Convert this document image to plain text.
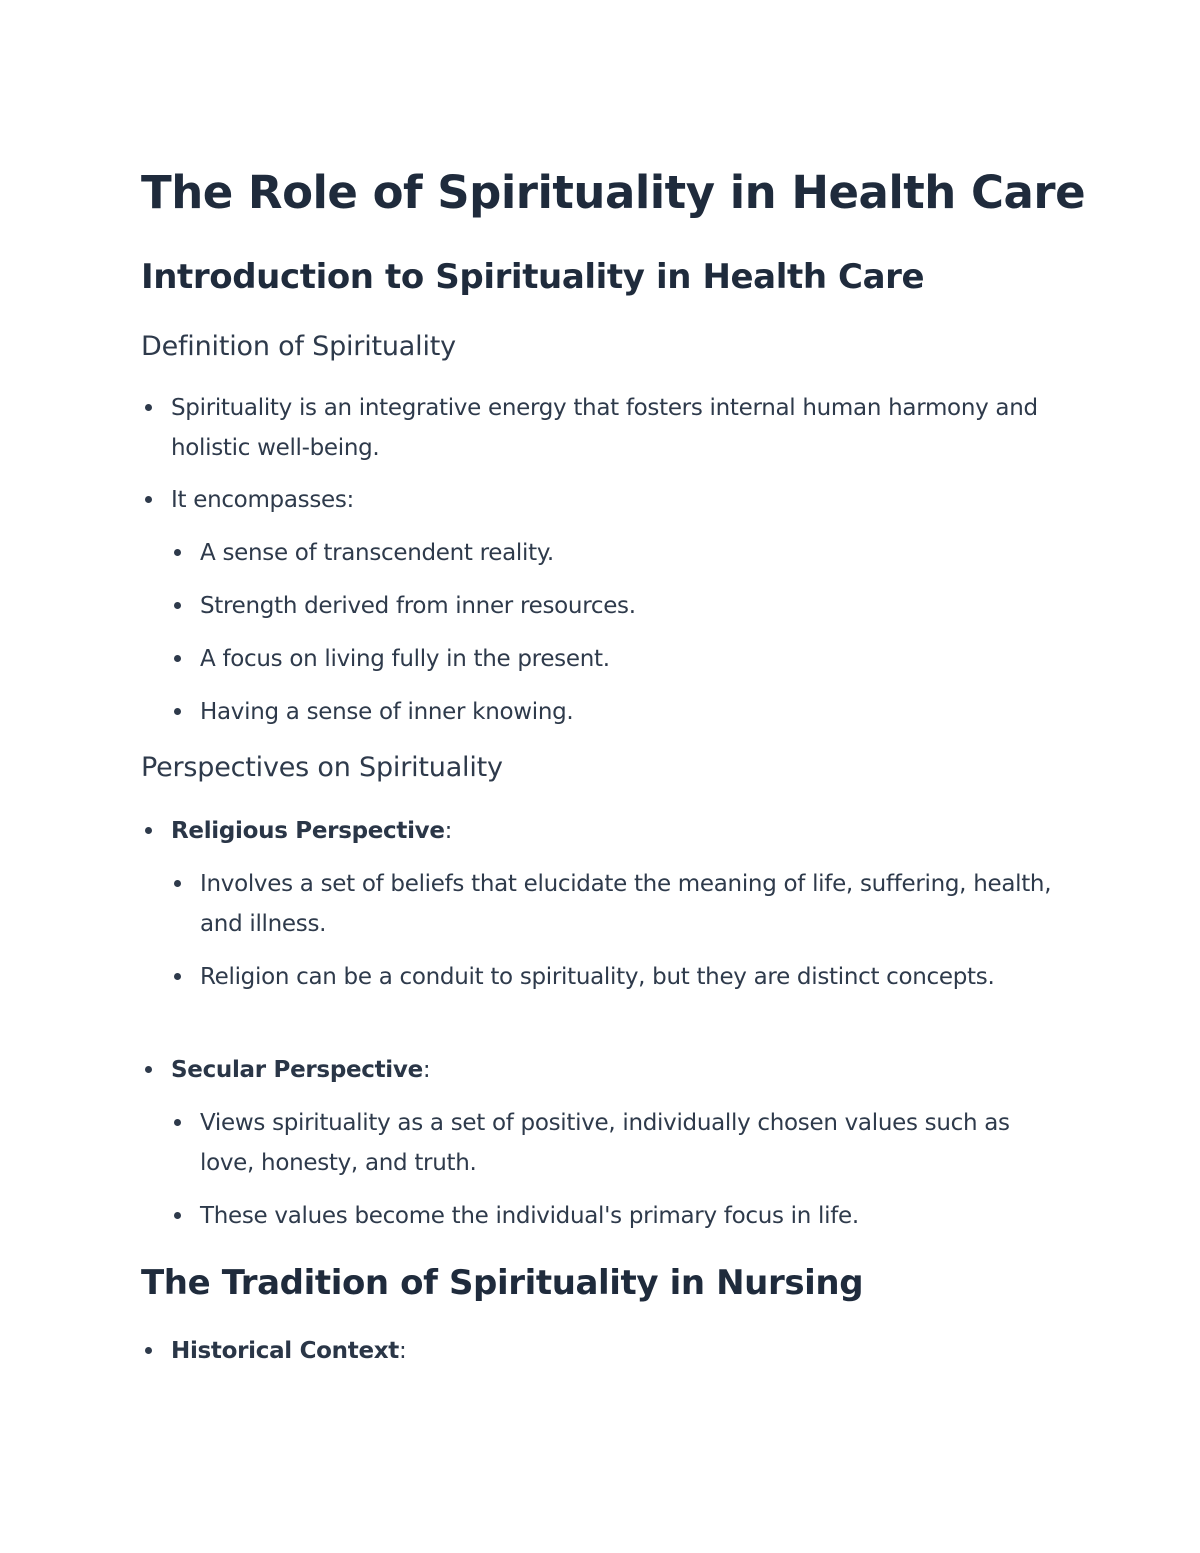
The Role of Spirituality in Health Care
Introduction to Spirituality in Health Care
Definition of Spirituality
Spirituality is an integrative energy that fosters internal human harmony and holistic well-being.
It encompasses:
A sense of transcendent reality.
Strength derived from inner resources.
A focus on living fully in the present.
Having a sense of inner knowing.
Perspectives on Spirituality
Religious Perspective:
Involves a set of beliefs that elucidate the meaning of life, suffering, health, and illness.
Religion can be a conduit to spirituality, but they are distinct concepts.
Secular Perspective:
Views spirituality as a set of positive, individually chosen values such as love, honesty, and truth.
These values become the individual's primary focus in life.
The Tradition of Spirituality in Nursing
Historical Context:
